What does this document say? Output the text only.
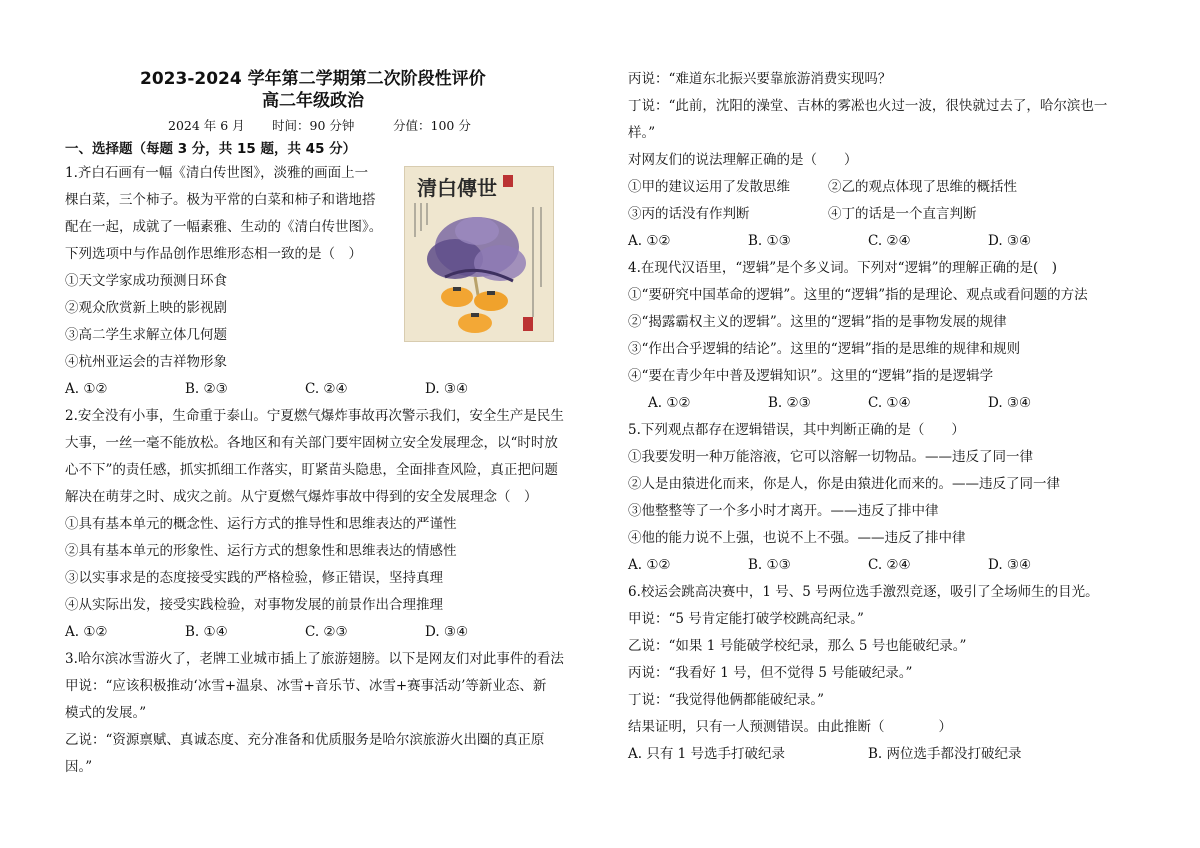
2023-2024 学年第二学期第二次阶段性评价
高二年级政治
2024 年 6 月 时间：90 分钟	分值：100 分
一、选择题（每题 3 分，共 15 题，共 45 分）
1.齐白石画有一幅《清白传世图》，淡雅的画面上一
棵白菜，三个柿子。极为平常的白菜和柿子和谐地搭
配在一起，成就了一幅素雅、生动的《清白传世图》。
下列选项中与作品创作思维形态相一致的是（　）
①天文学家成功预测日环食
②观众欣赏新上映的影视剧
③高二学生求解立体几何题
④杭州亚运会的吉祥物形象
A. ①②	B. ②③	C. ②④	D. ③④
清白傳世
2.安全没有小事，生命重于泰山。宁夏燃气爆炸事故再次警示我们，安全生产是民生
大事，一丝一毫不能放松。各地区和有关部门要牢固树立安全发展理念，以“时时放
心不下”的责任感，抓实抓细工作落实，盯紧苗头隐患，全面排查风险，真正把问题
解决在萌芽之时、成灾之前。从宁夏燃气爆炸事故中得到的安全发展理念（　）
①具有基本单元的概念性、运行方式的推导性和思维表达的严谨性
②具有基本单元的形象性、运行方式的想象性和思维表达的情感性
③以实事求是的态度接受实践的严格检验，修正错误，坚持真理
④从实际出发，接受实践检验，对事物发展的前景作出合理推理
A. ①②	B. ①④	C. ②③	D. ③④
3.哈尔滨冰雪游火了，老牌工业城市插上了旅游翅膀。以下是网友们对此事件的看法
甲说：“应该积极推动‘冰雪+温泉、冰雪+音乐节、冰雪+赛事活动’等新业态、新
模式的发展。”
乙说：“资源禀赋、真诚态度、充分准备和优质服务是哈尔滨旅游火出圈的真正原
因。”
丙说：“难道东北振兴要靠旅游消费实现吗？
丁说：“此前，沈阳的澡堂、吉林的雾凇也火过一波，很快就过去了，哈尔滨也一
样。”
对网友们的说法理解正确的是（　　）
①甲的建议运用了发散思维	②乙的观点体现了思维的概括性
③丙的话没有作判断	④丁的话是一个直言判断
A. ①②	B. ①③	C. ②④	D. ③④
4.在现代汉语里，“逻辑”是个多义词。下列对“逻辑”的理解正确的是(　)
①“要研究中国革命的逻辑”。这里的“逻辑”指的是理论、观点或看问题的方法
②“揭露霸权主义的逻辑”。这里的“逻辑”指的是事物发展的规律
③“作出合乎逻辑的结论”。这里的“逻辑”指的是思维的规律和规则
④“要在青少年中普及逻辑知识”。这里的“逻辑”指的是逻辑学
A. ①②	B. ②③	C. ①④	D. ③④
5.下列观点都存在逻辑错误，其中判断正确的是（　　）
①我要发明一种万能溶液，它可以溶解一切物品。——违反了同一律
②人是由猿进化而来，你是人，你是由猿进化而来的。——违反了同一律
③他整整等了一个多小时才离开。——违反了排中律
④他的能力说不上强，也说不上不强。——违反了排中律
A. ①②	B. ①③	C. ②④	D. ③④
6.校运会跳高决赛中，1 号、5 号两位选手激烈竞逐，吸引了全场师生的目光。
甲说：“5 号肯定能打破学校跳高纪录。”
乙说：“如果 1 号能破学校纪录，那么 5 号也能破纪录。”
丙说：“我看好 1 号，但不觉得 5 号能破纪录。”
丁说：“我觉得他俩都能破纪录。”
结果证明，只有一人预测错误。由此推断（　　　　）
A. 只有 1 号选手打破纪录	B. 两位选手都没打破纪录
